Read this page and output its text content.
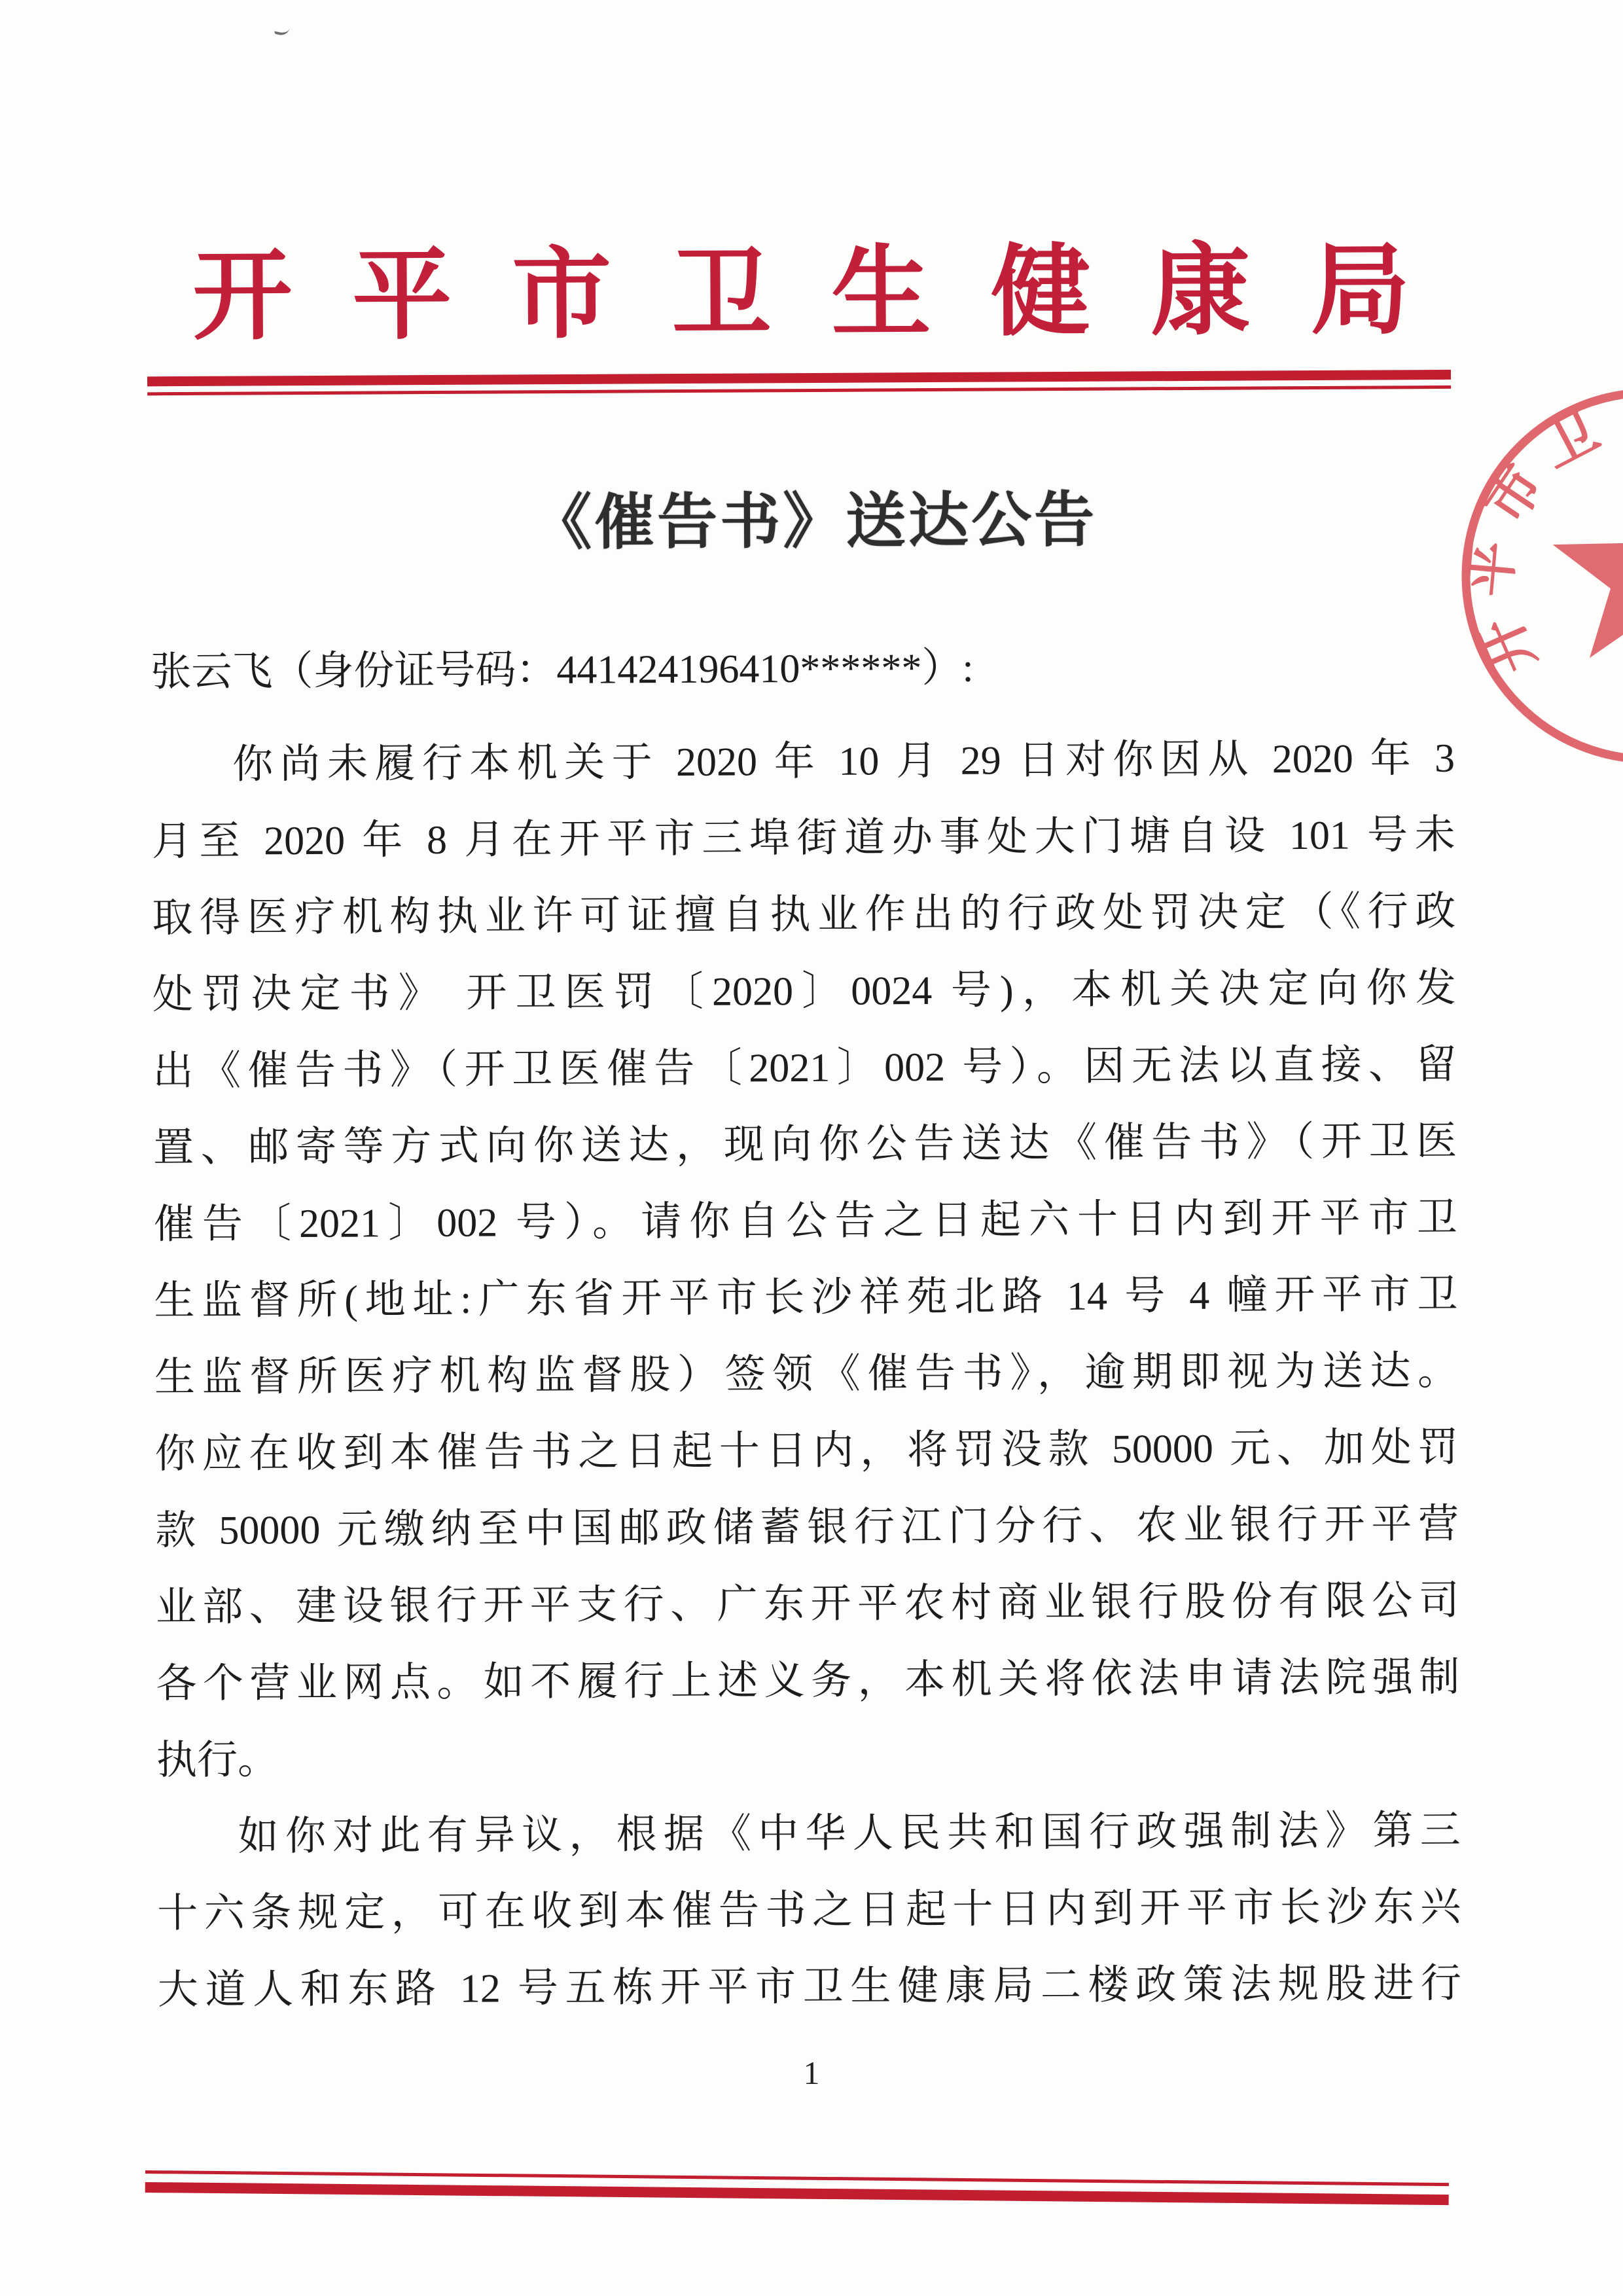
开平市卫生健康局
《催告书》送达公告
开平市卫
张云飞（身份证号码：441424196410******）:
你尚未履行本机关于 2020 年 10 月 29 日对你因从 2020 年 3
月至 2020 年 8 月在开平市三埠街道办事处大门塘自设 101 号未
取得医疗机构执业许可证擅自执业作出的行政处罚决定（《行政
处罚决定书》 开卫医罚〔2020〕0024 号)，本机关决定向你发
出《催告书》（开卫医催告〔2021〕002 号）。因无法以直接、留
置、邮寄等方式向你送达，现向你公告送达《催告书》（开卫医
催告〔2021〕002 号）。请你自公告之日起六十日内到开平市卫
生监督所(地址:广东省开平市长沙祥苑北路 14 号 4 幢开平市卫
生监督所医疗机构监督股）签领《催告书》，逾期即视为送达。
你应在收到本催告书之日起十日内，将罚没款 50000 元、加处罚
款 50000 元缴纳至中国邮政储蓄银行江门分行、农业银行开平营
业部、建设银行开平支行、广东开平农村商业银行股份有限公司
各个营业网点。如不履行上述义务，本机关将依法申请法院强制
执行。
如你对此有异议，根据《中华人民共和国行政强制法》第三
十六条规定，可在收到本催告书之日起十日内到开平市长沙东兴
大道人和东路 12 号五栋开平市卫生健康局二楼政策法规股进行
1
